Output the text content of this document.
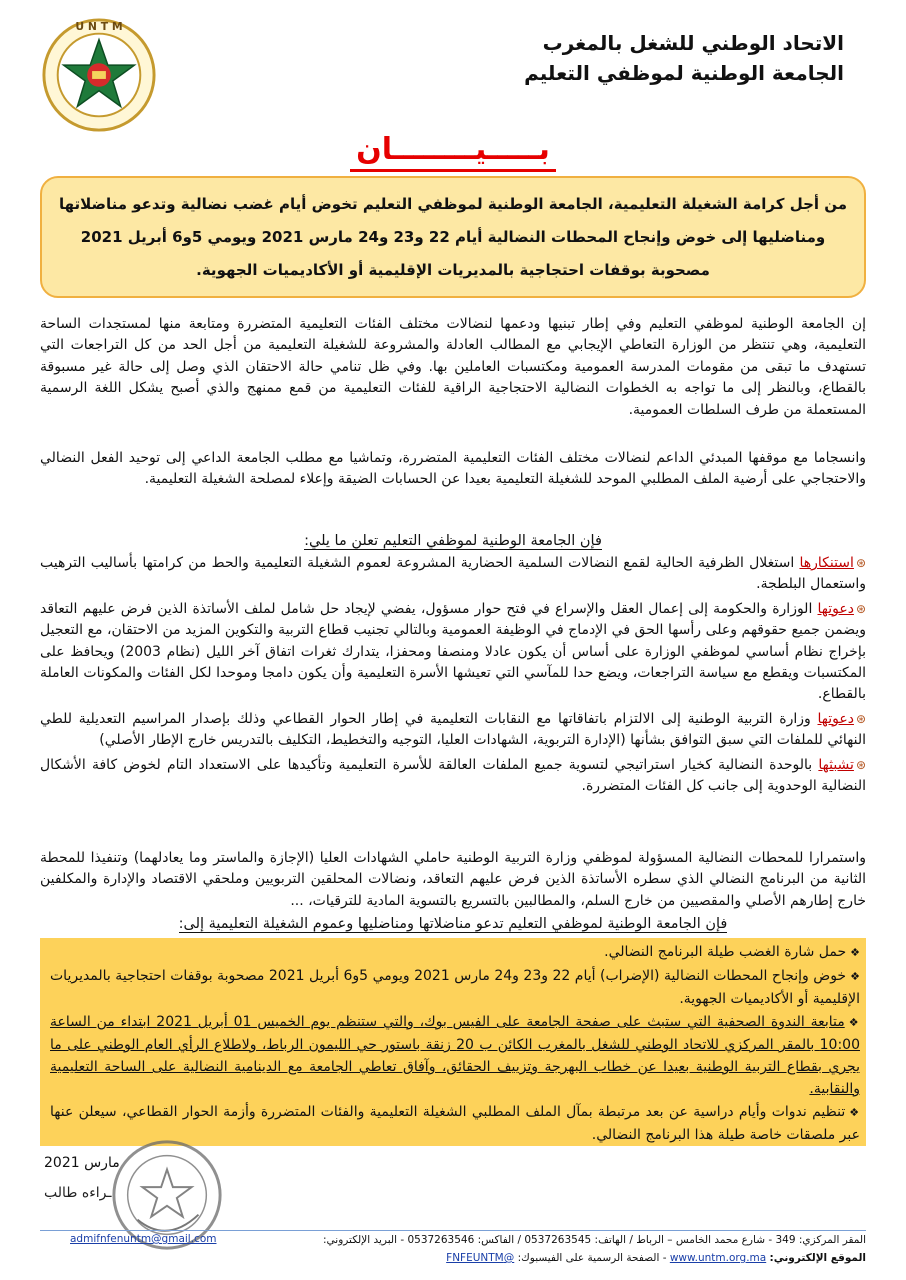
U N T M
الاتحاد الوطني للشغل بالمغرب
الجامعة الوطنية لموظفي التعليم
بـــــيــــــــان

من أجل كرامة الشغيلة التعليمية، الجامعة الوطنية لموظفي التعليم تخوض أيام غضب نضالية وتدعو مناضلاتها

ومناضليها إلى خوض وإنجاح المحطات النضالية أيام 22 و23 و24 مارس 2021 ويومي 5و6 أبريل 2021

مصحوبة بوقفات احتجاجية بالمديريات الإقليمية أو الأكاديميات الجهوية.

إن الجامعة الوطنية لموظفي التعليم وفي إطار تبنيها ودعمها لنضالات مختلف الفئات التعليمية المتضررة ومتابعة منها لمستجدات الساحة التعليمية، وهي تنتظر من الوزارة التعاطي الإيجابي مع المطالب العادلة والمشروعة للشغيلة التعليمية من أجل الحد من كل التراجعات التي تستهدف ما تبقى من مقومات المدرسة العمومية ومكتسبات العاملين بها. وفي ظل تنامي حالة الاحتقان الذي وصل إلى حالة غير مسبوقة بالقطاع، وبالنظر إلى ما تواجه به الخطوات النضالية الاحتجاجية الراقية للفئات التعليمية من قمع ممنهج والذي أصبح يشكل اللغة الرسمية المستعملة من طرف السلطات العمومية.
وانسجاما مع موقفها المبدئي الداعم لنضالات مختلف الفئات التعليمية المتضررة، وتماشيا مع مطلب الجامعة الداعي إلى توحيد الفعل النضالي والاحتجاجي على أرضية الملف المطلبي الموحد للشغيلة التعليمية بعيدا عن الحسابات الضيقة وإعلاء لمصلحة الشغيلة التعليمية.
فإن الجامعة الوطنية لموظفي التعليم تعلن ما يلي:
⊛استنكارها استغلال الظرفية الحالية لقمع النضالات السلمية الحضارية المشروعة لعموم الشغيلة التعليمية والحط من كرامتها بأساليب الترهيب واستعمال البلطجة.
⊛دعوتها الوزارة والحكومة إلى إعمال العقل والإسراع في فتح حوار مسؤول، يفضي لإيجاد حل شامل لملف الأساتذة الذين فرض عليهم التعاقد ويضمن جميع حقوقهم وعلى رأسها الحق في الإدماج في الوظيفة العمومية وبالتالي تجنيب قطاع التربية والتكوين المزيد من الاحتقان، مع التعجيل بإخراج نظام أساسي لموظفي الوزارة على أساس أن يكون عادلا ومنصفا ومحفزا، يتدارك ثغرات اتفاق آخر الليل (نظام 2003) ويحافظ على المكتسبات ويقطع مع سياسة التراجعات، ويضع حدا للمآسي التي تعيشها الأسرة التعليمية وأن يكون دامجا وموحدا لكل الفئات والمكونات العاملة بالقطاع.
⊛دعوتها وزارة التربية الوطنية إلى الالتزام باتفاقاتها مع النقابات التعليمية في إطار الحوار القطاعي وذلك بإصدار المراسيم التعديلية للطي النهائي للملفات التي سبق التوافق بشأنها (الإدارة التربوية، الشهادات العليا، التوجيه والتخطيط، التكليف بالتدريس خارج الإطار الأصلي)
⊛تشبثها بالوحدة النضالية كخيار استراتيجي لتسوية جميع الملفات العالقة للأسرة التعليمية وتأكيدها على الاستعداد التام لخوض كافة الأشكال النضالية الوحدوية إلى جانب كل الفئات المتضررة.
واستمرارا للمحطات النضالية المسؤولة لموظفي وزارة التربية الوطنية حاملي الشهادات العليا (الإجازة والماستر وما يعادلهما) وتنفيذا للمحطة الثانية من البرنامج النضالي الذي سطره الأساتذة الذين فرض عليهم التعاقد، ونضالات المحلقين التربويين وملحقي الاقتصاد والإدارة والمكلفين خارج إطارهم الأصلي والمقصيين من خارج السلم، والمطالبين بالتسريع بالتسوية المادية للترقيات، ...
فإن الجامعة الوطنية لموظفي التعليم تدعو مناضلاتها ومناضليها وعموم الشغيلة التعليمية إلى:
❖حمل شارة الغضب طيلة البرنامج النضالي.
❖خوض وإنجاح المحطات النضالية (الإضراب) أيام 22 و23 و24 مارس 2021 ويومي 5و6 أبريل 2021 مصحوبة بوقفات احتجاجية بالمديريات الإقليمية أو الأكاديميات الجهوية.
❖متابعة الندوة الصحفية التي ستبث على صفحة الجامعة على الفيس بوك، والتي ستنظم يوم الخميس 01 أبريل 2021 ابتداء من الساعة 10:00 بالمقر المركزي للاتحاد الوطني للشغل بالمغرب الكائن ب 20 زنقة باستور حي الليمون الرباط، ولاطلاع الرأي العام الوطني على ما يجري بقطاع التربية الوطنية بعيدا عن خطاب البهرجة وتزييف الحقائق، وآفاق تعاطي الجامعة مع الدينامية النضالية على الساحة التعليمية والنقابية.
❖تنظيم ندوات وأيام دراسية عن بعد مرتبطة بمآل الملف المطلبي الشغيلة التعليمية والفئات المتضررة وأزمة الحوار القطاعي، سيعلن عنها عبر ملصقات خاصة طيلة هذا البرنامج النضالي.
مارس 2021
ـراءه طالب
المقر المركزي: 349 - شارع محمد الخامس – الرباط / الهاتف: 0537263545 / الفاكس: 0537263546 - البريد الإلكتروني:
admifnfenuntm@gmail.com
الموقع الإلكتروني: www.untm.org.ma - الصفحة الرسمية على الفيسبوك: @FNFEUNTM
